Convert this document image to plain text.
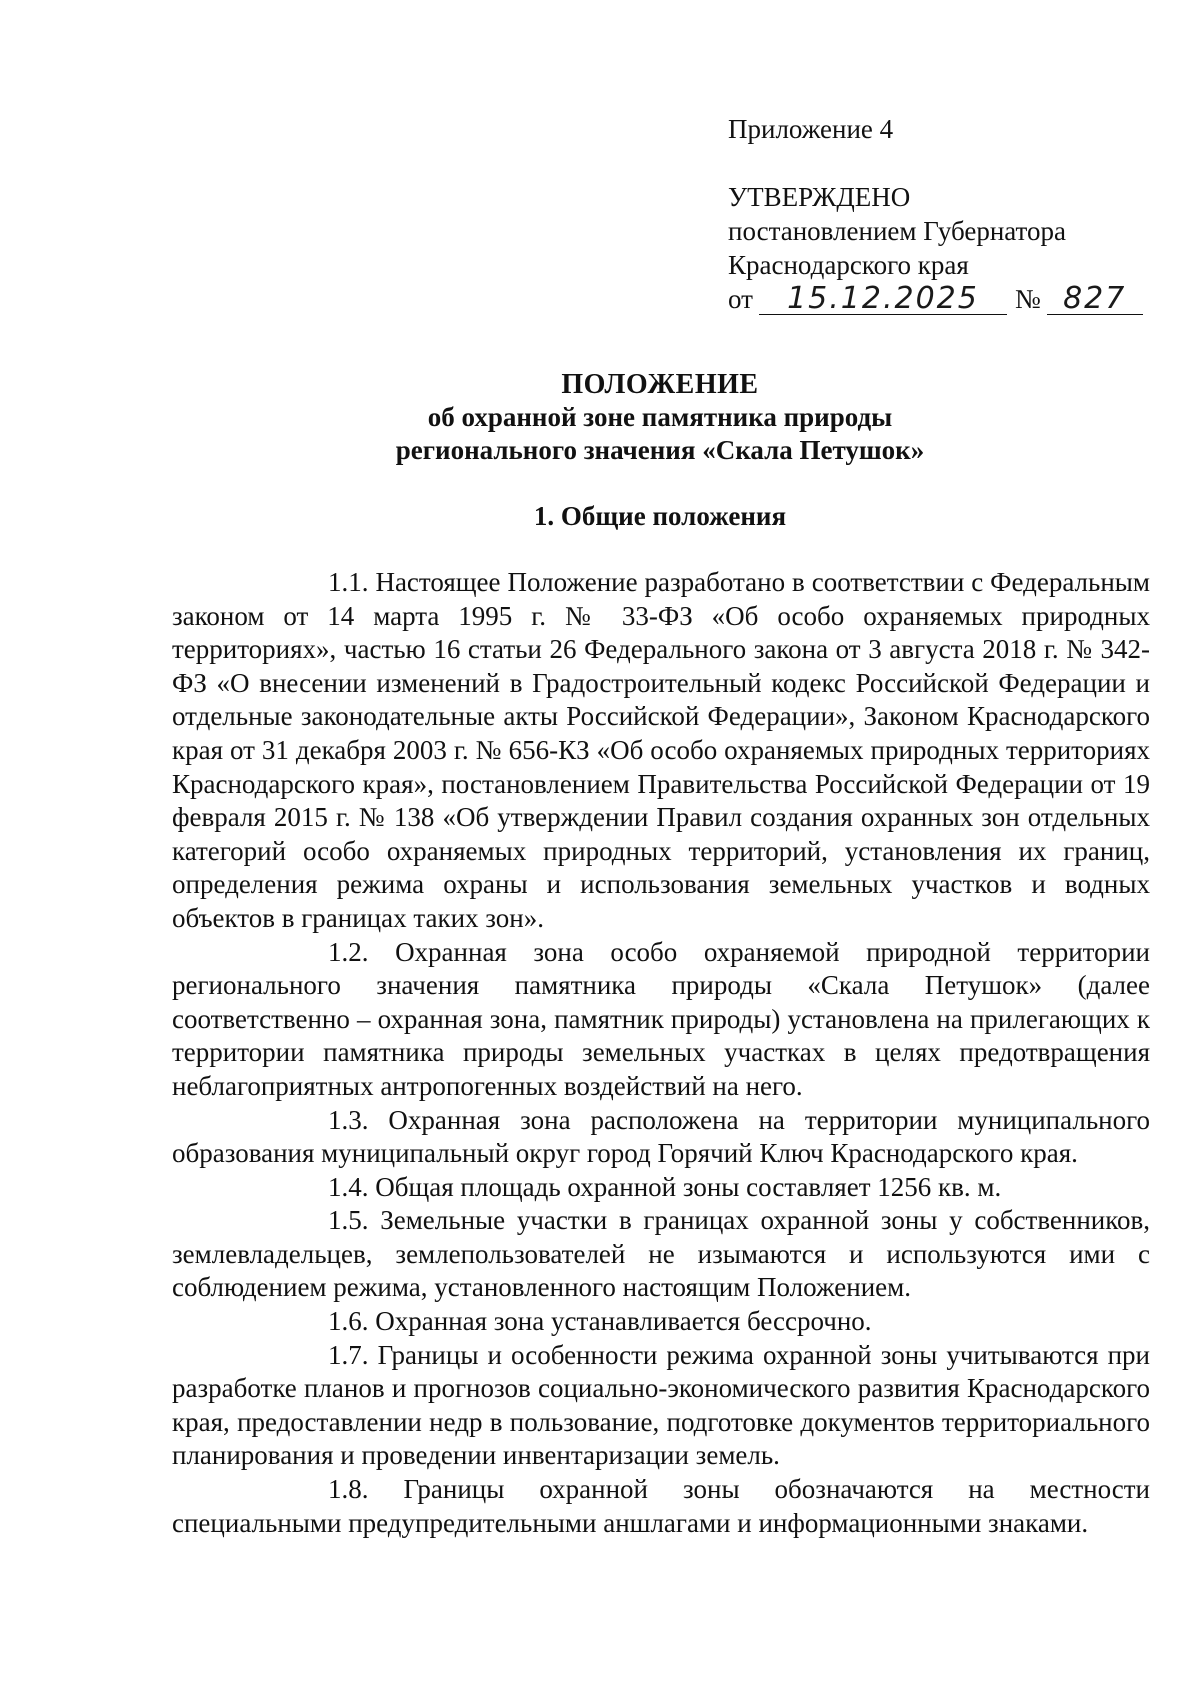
Приложение 4
УТВЕРЖДЕНО
постановлением Губернатора
Краснодарского края
от 15.12.2025 № 827
ПОЛОЖЕНИЕ
об охранной зоне памятника природы
регионального значения «Скала Петушок»
1. Общие положения

1.1. Настоящее Положение разработано в соответствии с Федеральным законом от 14 марта 1995 г. № 33-ФЗ «Об особо охраняемых природных территориях», частью 16 статьи 26 Федерального закона от 3 августа 2018 г. № 342-ФЗ «О внесении изменений в Градостроительный кодекс Российской Федерации и отдельные законодательные акты Российской Федерации», Законом Краснодарского края от 31 декабря 2003 г. № 656-КЗ «Об особо охраняемых природных территориях Краснодарского края», постановлением Правительства Российской Федерации от 19 февраля 2015 г. № 138 «Об утверждении Правил создания охранных зон отдельных категорий особо охраняемых природных территорий, установления их границ, определения режима охраны и использования земельных участков и водных объектов в границах таких зон».

1.2. Охранная зона особо охраняемой природной территории регионального значения памятника природы «Скала Петушок» (далее соответственно – охранная зона, памятник природы) установлена на прилегающих к территории памятника природы земельных участках в целях предотвращения неблагоприятных антропогенных воздействий на него.

1.3. Охранная зона расположена на территории муниципального образования муниципальный округ город Горячий Ключ Краснодарского края.

1.4. Общая площадь охранной зоны составляет 1256 кв. м.

1.5. Земельные участки в границах охранной зоны у собственников, землевладельцев, землепользователей не изымаются и используются ими с соблюдением режима, установленного настоящим Положением.

1.6. Охранная зона устанавливается бессрочно.

1.7. Границы и особенности режима охранной зоны учитываются при разработке планов и прогнозов социально-экономического развития Краснодарского края, предоставлении недр в пользование, подготовке документов территориального планирования и проведении инвентаризации земель.

1.8. Границы охранной зоны обозначаются на местности специальными предупредительными аншлагами и информационными знаками.
